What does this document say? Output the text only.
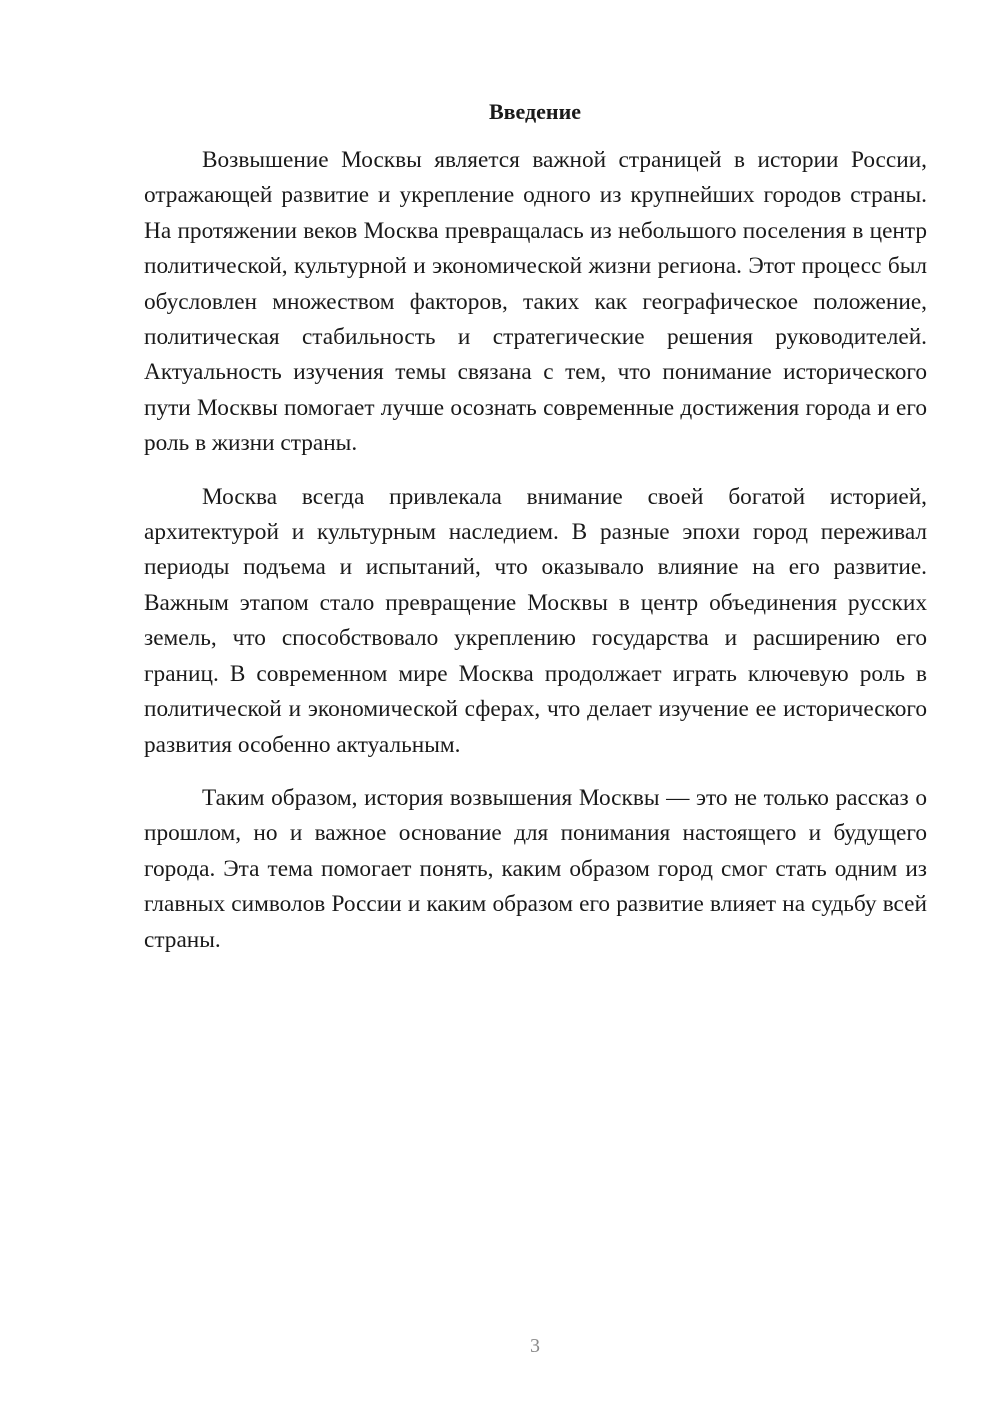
Введение

Возвышение Москвы является важной страницей в истории России, отражающей развитие и укрепление одного из крупнейших городов страны. На протяжении веков Москва превращалась из небольшого поселения в центр политической, культурной и экономической жизни региона. Этот процесс был обусловлен множеством факторов, таких как географическое положение, политическая стабильность и стратегические решения руководителей. Актуальность изучения темы связана с тем, что понимание исторического пути Москвы помогает лучше осознать современные достижения города и его роль в жизни страны.

Москва всегда привлекала внимание своей богатой историей, архитектурой и культурным наследием. В разные эпохи город переживал периоды подъема и испытаний, что оказывало влияние на его развитие. Важным этапом стало превращение Москвы в центр объединения русских земель, что способствовало укреплению государства и расширению его границ. В современном мире Москва продолжает играть ключевую роль в политической и экономической сферах, что делает изучение ее исторического развития особенно актуальным.

Таким образом, история возвышения Москвы — это не только рассказ о прошлом, но и важное основание для понимания настоящего и будущего города. Эта тема помогает понять, каким образом город смог стать одним из главных символов России и каким образом его развитие влияет на судьбу всей страны.

3
